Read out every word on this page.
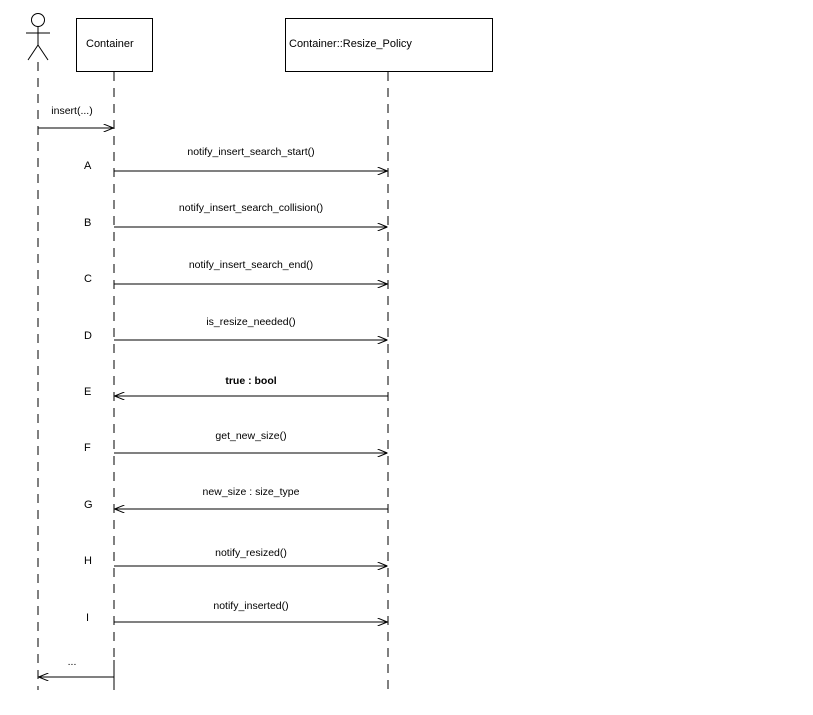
Container	Container::Resize_Policy
insert(...)
notify_insert_search_start()
notify_insert_search_collision()
notify_insert_search_end()
is_resize_needed()
true : bool
get_new_size()
new_size : size_type
notify_resized()
notify_inserted()
...
A
B
C
D
E
F
G
H
I
